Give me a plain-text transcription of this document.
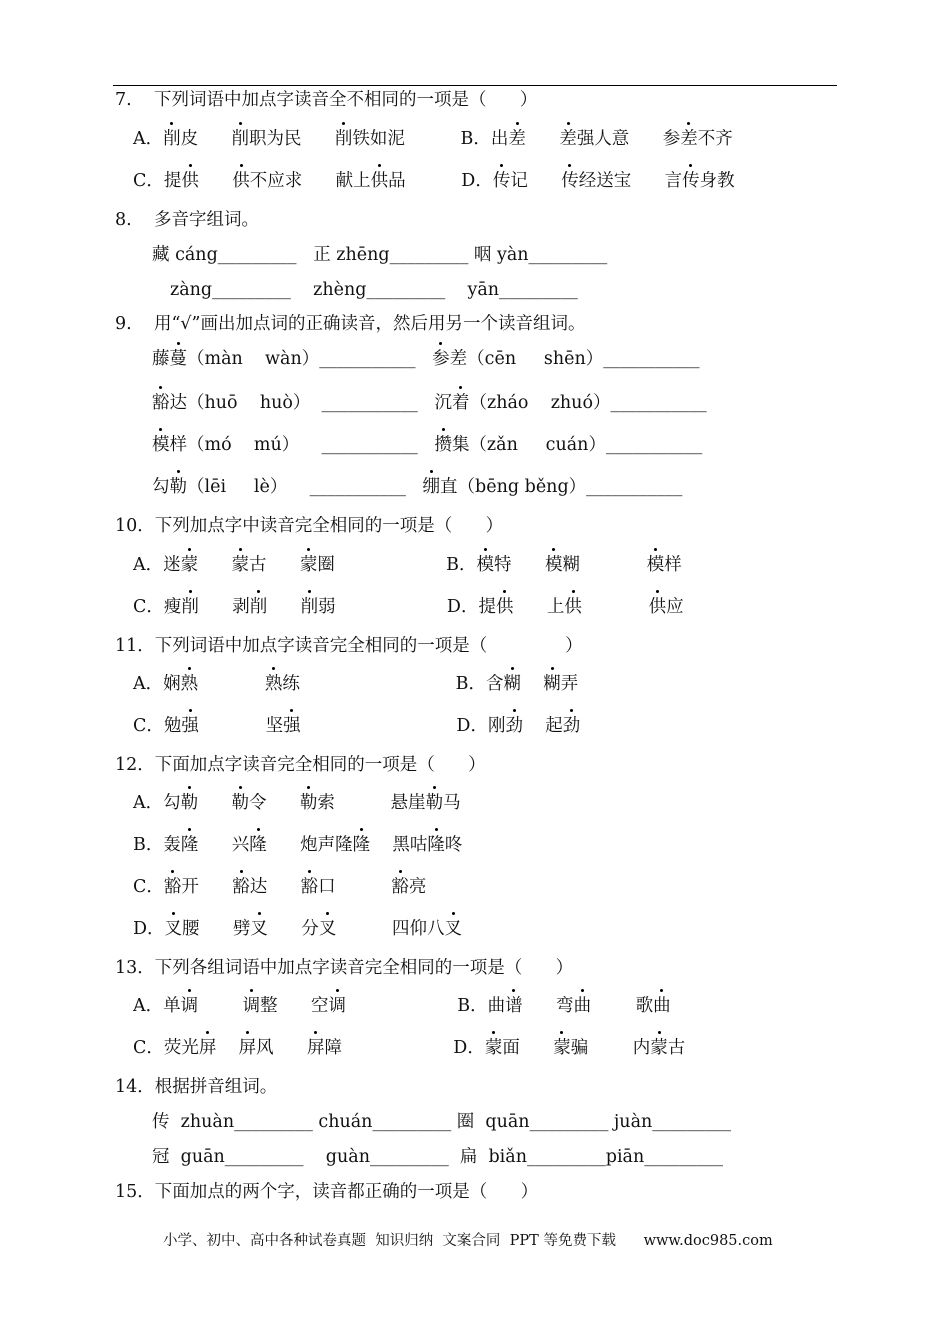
7.    下列词语中加点字读音全不相同的一项是（      ）
A．削皮      削职为民      削铁如泥          B．出差 差强人意      参差不齐
C．提供 供不应求      献上供品          D．传记      传经送宝      言传身教
8.    多音字组词。
藏 cáng_________   正 zhēng_________ 咽 yàn_________
zàng_________    zhèng_________    yān_________
9.    用“√”画出加点词的正确读音，然后用另一个读音组词。
藤蔓（màn    wàn）___________   参差（cēn     shēn）___________
豁达（huō    huò）  ___________   沉着（zháo    zhuó）___________
模样（mó    mú）    ___________   攒集（zǎn     cuán）___________
勾勒（lēi     lè）    ___________   绷直（bēng běng）___________
10．下列加点字中读音完全相同的一项是（      ）
A．迷蒙 蒙古      蒙圈                    B．模特      模糊            模样
C．瘦削      剥削 削弱                    D．提供      上供	供应
11．下列词语中加点字读音完全相同的一项是（              ）
A．娴熟	熟练                            B．含糊 糊弄
C．勉强            坚强                            D．刚劲    起劲
12．下面加点字读音完全相同的一项是（      ）
A．勾勒 勒令      勒索          悬崖勒马
B．轰隆      兴隆      炮声隆隆    黑咕隆咚
C．豁开      豁达      豁口          豁亮
D．叉腰      劈叉      分叉          四仰八叉
13．下列各组词语中加点字读音完全相同的一项是（      ）
A．单调	调整      空调                    B．曲谱      弯曲        歌曲
C．荧光屏 屏风      屏障                    D．蒙面      蒙骗        内蒙古
14．根据拼音组词。
传  zhuàn_________ chuán_________ 圈  quān_________ juàn_________
冠  guān_________    guàn_________  扁  biǎn_________piān_________
15．下面加点的两个字，读音都正确的一项是（      ）
小学、初中、高中各种试卷真题  知识归纳  文案合同  PPT 等免费下载      www.doc985.com
